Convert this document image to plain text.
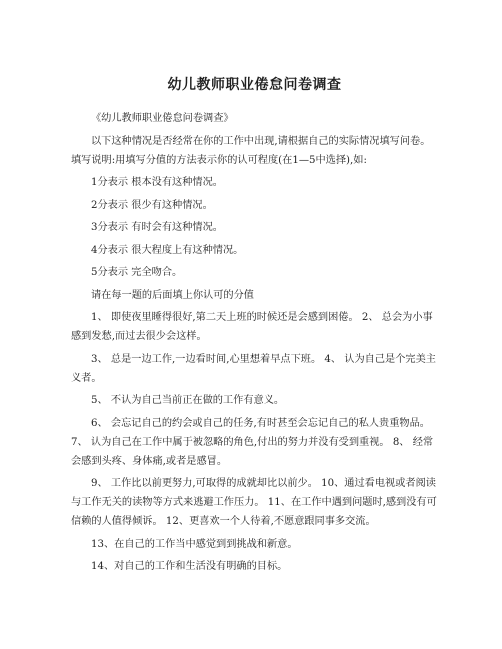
幼儿教师职业倦怠问卷调查

《幼儿教师职业倦怠问卷调查》

以下这种情况是否经常在你的工作中出现,请根据自己的实际情况填写问卷。填写说明:用填写分值的方法表示你的认可程度(在1—5中选择),如:

1分表示 根本没有这种情况。

2分表示 很少有这种情况。

3分表示 有时会有这种情况。

4分表示 很大程度上有这种情况。

5分表示 完全吻合。

请在每一题的后面填上你认可的分值

1、 即使夜里睡得很好,第二天上班的时候还是会感到困倦。 2、 总会为小事感到发愁,而过去很少会这样。

3、 总是一边工作,一边看时间,心里想着早点下班。 4、 认为自己是个完美主义者。

5、 不认为自己当前正在做的工作有意义。

6、 会忘记自己的约会或自己的任务,有时甚至会忘记自己的私人贵重物品。 7、 认为自己在工作中属于被忽略的角色,付出的努力并没有受到重视。 8、 经常会感到头疼、身体痛,或者是感冒。

9、 工作比以前更努力,可取得的成就却比以前少。 10、通过看电视或者阅读与工作无关的读物等方式来逃避工作压力。 11、在工作中遇到问题时,感到没有可信赖的人值得倾诉。 12、更喜欢一个人待着,不愿意跟同事多交流。

13、在自己的工作当中感觉到到挑战和新意。

14、对自己的工作和生活没有明确的目标。
